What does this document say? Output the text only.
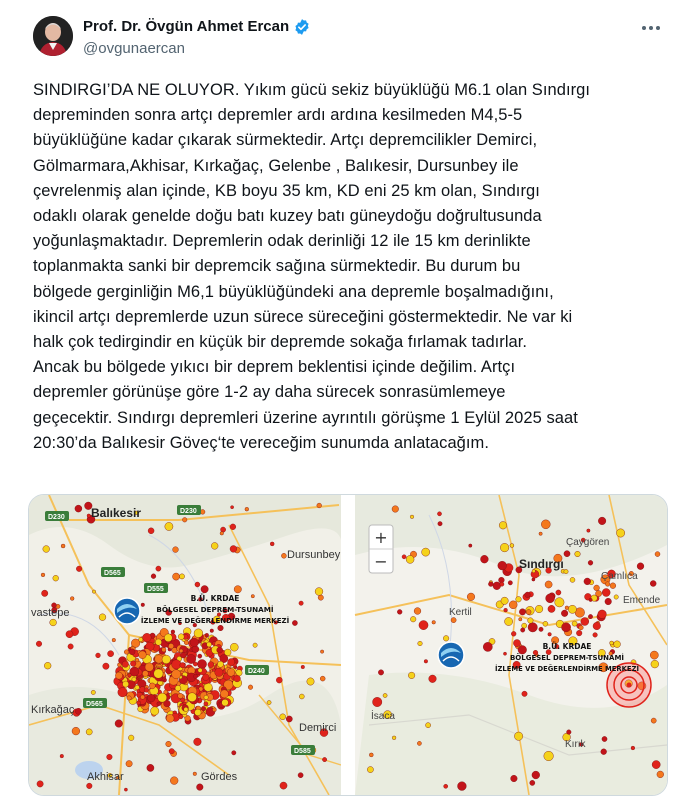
Prof. Dr. Övgün Ahmet Ercan
@ovgunaercan
SINDIRGI’DA NE OLUYOR. Yıkım gücü sekiz büyüklüğü M6.1 olan Sındırgı
depreminden sonra artçı depremler ardı ardına kesilmeden M4,5-5
büyüklüğüne kadar çıkarak sürmektedir. Artçı depremcilikler Demirci,
Gölmarmara,Akhisar, Kırkağaç, Gelenbe , Balıkesir, Dursunbey ile
çevrelenmiş alan içinde, KB boyu 35 km, KD eni 25 km olan, Sındırgı
odaklı olarak genelde doğu batı kuzey batı güneydoğu doğrultusunda
yoğunlaşmaktadır. Depremlerin odak derinliği 12 ile 15 km derinlikte
toplanmakta sanki bir depremcik sağına sürmektedir. Bu durum bu
bölgede gerginliğin M6,1 büyüklüğündeki ana depremle boşalmadığını,
ikincil artçı depremlerde uzun sürece süreceğini göstermektedir. Ne var ki
halk çok tedirgindir en küçük bir depremde sokağa fırlamak tadırlar.
Ancak bu bölgede yıkıcı bir deprem beklentisi içinde değilim. Artçı
depremler görünüşe göre 1-2 ay daha sürecek sonrasümlemeye
geçecektir. Sındırgı depremleri üzerine ayrıntılı görüşme 1 Eylül 2025 saat
20:30’da Balıkesir Göveç‘te vereceğim sunumda anlatacağım.
D230
D230
D565
D555
D240
D565
D585
Balıkesir
Dursunbey
vastepe
Kırkağaç
Demirci
Akhisar	Gördes
B.Ü. KRDAE
BÖLGESEL DEPREM-TSUNAMİ
İZLEME VE DEĞERLENDİRME MERKEZİ
+
−
Çaygören
Sındırgı
Çamlıca
Emende
Kertil
İsaca
Kırık
B.Ü. KRDAE
BÖLGESEL DEPREM-TSUNAMİ
İZLEME VE DEĞERLENDİRME MERKEZİ
